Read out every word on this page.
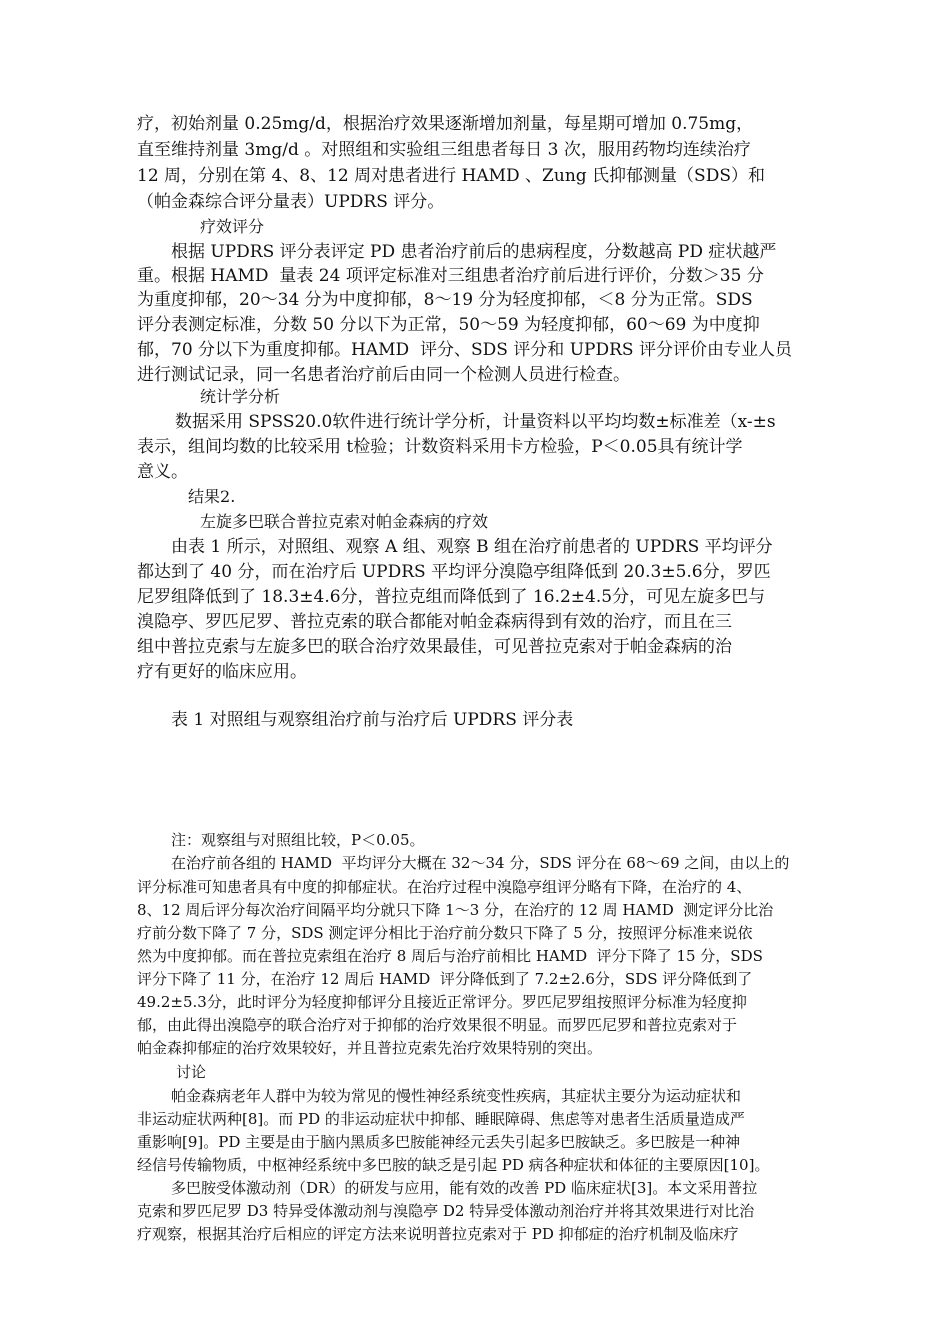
疗，初始剂量 0.25mg/d，根据治疗效果逐渐增加剂量，每星期可增加 0.75mg，
直至维持剂量 3mg/d 。对照组和实验组三组患者每日 3 次，服用药物均连续治疗
12 周，分别在第 4、8、12 周对患者进行 HAMD 、Zung 氏抑郁测量（SDS）和
（帕金森综合评分量表）UPDRS 评分。
疗效评分
根据 UPDRS 评分表评定 PD 患者治疗前后的患病程度，分数越高 PD 症状越严
重。根据 HAMD  量表 24 项评定标准对三组患者治疗前后进行评价，分数＞35 分
为重度抑郁，20～34 分为中度抑郁，8～19 分为轻度抑郁，＜8 分为正常。SDS
评分表测定标准，分数 50 分以下为正常，50～59 为轻度抑郁，60～69 为中度抑
郁，70 分以下为重度抑郁。HAMD  评分、SDS 评分和 UPDRS 评分评价由专业人员
进行测试记录，同一名患者治疗前后由同一个检测人员进行检查。
统计学分析
数据采用 SPSS20.0软件进行统计学分析，计量资料以平均均数±标准差（x-±s
表示，组间均数的比较采用 t检验；计数资料采用卡方检验，P＜0.05具有统计学
意义。
结果2.
左旋多巴联合普拉克索对帕金森病的疗效
由表 1 所示，对照组、观察 A 组、观察 B 组在治疗前患者的 UPDRS 平均评分
都达到了 40 分，而在治疗后 UPDRS 平均评分溴隐亭组降低到 20.3±5.6分，罗匹
尼罗组降低到了 18.3±4.6分，普拉克组而降低到了 16.2±4.5分，可见左旋多巴与
溴隐亭、罗匹尼罗、普拉克索的联合都能对帕金森病得到有效的治疗，而且在三
组中普拉克索与左旋多巴的联合治疗效果最佳，可见普拉克索对于帕金森病的治
疗有更好的临床应用。
表 1 对照组与观察组治疗前与治疗后 UPDRS 评分表
注：观察组与对照组比较，P＜0.05。
在治疗前各组的 HAMD  平均评分大概在 32～34 分，SDS 评分在 68～69 之间，由以上的
评分标准可知患者具有中度的抑郁症状。在治疗过程中溴隐亭组评分略有下降，在治疗的 4、
8、12 周后评分每次治疗间隔平均分就只下降 1～3 分，在治疗的 12 周 HAMD  测定评分比治
疗前分数下降了 7 分，SDS 测定评分相比于治疗前分数只下降了 5 分，按照评分标准来说依
然为中度抑郁。而在普拉克索组在治疗 8 周后与治疗前相比 HAMD  评分下降了 15 分，SDS
评分下降了 11 分，在治疗 12 周后 HAMD  评分降低到了 7.2±2.6分，SDS 评分降低到了
49.2±5.3分，此时评分为轻度抑郁评分且接近正常评分。罗匹尼罗组按照评分标准为轻度抑
郁，由此得出溴隐亭的联合治疗对于抑郁的治疗效果很不明显。而罗匹尼罗和普拉克索对于
帕金森抑郁症的治疗效果较好，并且普拉克索先治疗效果特别的突出。
讨论
帕金森病老年人群中为较为常见的慢性神经系统变性疾病，其症状主要分为运动症状和
非运动症状两种[8]。而 PD 的非运动症状中抑郁、睡眠障碍、焦虑等对患者生活质量造成严
重影响[9]。PD 主要是由于脑内黑质多巴胺能神经元丢失引起多巴胺缺乏。多巴胺是一种神
经信号传输物质，中枢神经系统中多巴胺的缺乏是引起 PD 病各种症状和体征的主要原因[10]。
多巴胺受体激动剂（DR）的研发与应用，能有效的改善 PD 临床症状[3]。本文采用普拉
克索和罗匹尼罗 D3 特异受体激动剂与溴隐亭 D2 特异受体激动剂治疗并将其效果进行对比治
疗观察，根据其治疗后相应的评定方法来说明普拉克索对于 PD 抑郁症的治疗机制及临床疗
